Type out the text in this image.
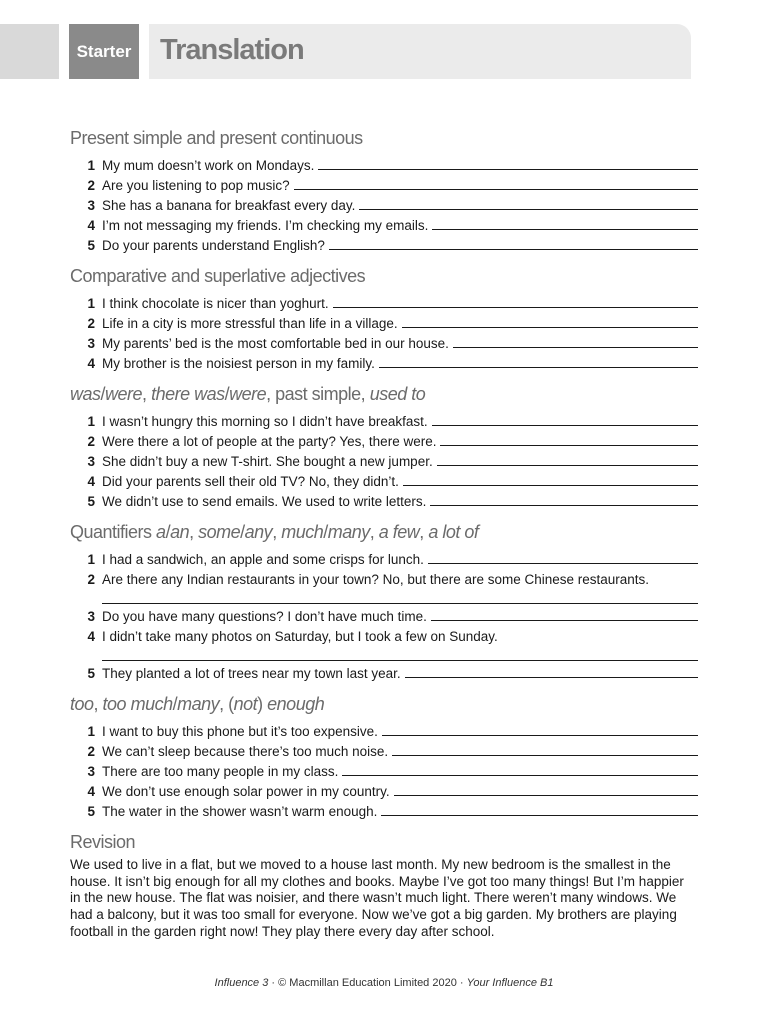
Starter Translation
Present simple and present continuous
1 My mum doesn’t work on Mondays.
2 Are you listening to pop music?
3 She has a banana for breakfast every day.
4 I’m not messaging my friends. I’m checking my emails.
5 Do your parents understand English?
Comparative and superlative adjectives
1 I think chocolate is nicer than yoghurt.
2 Life in a city is more stressful than life in a village.
3 My parents’ bed is the most comfortable bed in our house.
4 My brother is the noisiest person in my family.
was/were, there was/were, past simple, used to
1 I wasn’t hungry this morning so I didn’t have breakfast.
2 Were there a lot of people at the party? Yes, there were.
3 She didn’t buy a new T-shirt. She bought a new jumper.
4 Did your parents sell their old TV? No, they didn’t.
5 We didn’t use to send emails. We used to write letters.
Quantifiers a/an, some/any, much/many, a few, a lot of
1 I had a sandwich, an apple and some crisps for lunch.
2 Are there any Indian restaurants in your town? No, but there are some Chinese restaurants.
3 Do you have many questions? I don’t have much time.
4 I didn’t take many photos on Saturday, but I took a few on Sunday.
5 They planted a lot of trees near my town last year.
too, too much/many, (not) enough
1 I want to buy this phone but it’s too expensive.
2 We can’t sleep because there’s too much noise.
3 There are too many people in my class.
4 We don’t use enough solar power in my country.
5 The water in the shower wasn’t warm enough.
Revision
We used to live in a flat, but we moved to a house last month. My new bedroom is the smallest in the house. It isn’t big enough for all my clothes and books. Maybe I’ve got too many things! But I’m happier in the new house. The flat was noisier, and there wasn’t much light. There weren’t many windows. We had a balcony, but it was too small for everyone. Now we’ve got a big garden. My brothers are playing football in the garden right now! They play there every day after school.
Influence 3 · © Macmillan Education Limited 2020 · Your Influence B1
